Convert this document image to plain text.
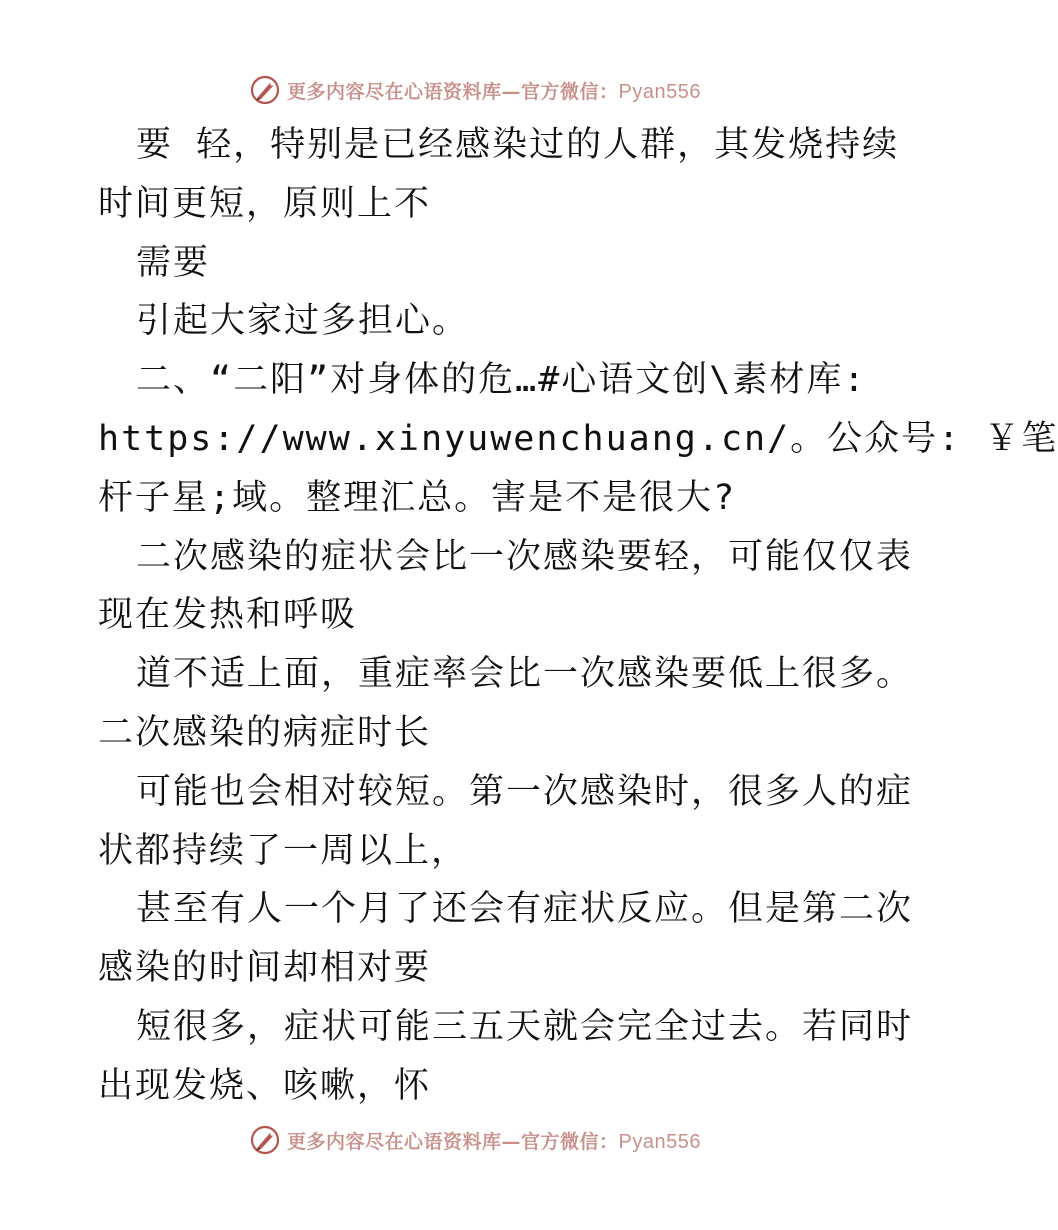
更多内容尽在心语资料库—官方微信：Pyan556
要 轻，特别是已经感染过的人群，其发烧持续
时间更短，原则上不
需要
引起大家过多担心。
二、“二阳”对身体的危…#心语文创\素材库:
https://www.xinyuwenchuang.cn/。公众号: ￥笔
杆子星;域。整理汇总。害是不是很大?
二次感染的症状会比一次感染要轻，可能仅仅表
现在发热和呼吸
道不适上面，重症率会比一次感染要低上很多。
二次感染的病症时长
可能也会相对较短。第一次感染时，很多人的症
状都持续了一周以上，
甚至有人一个月了还会有症状反应。但是第二次
感染的时间却相对要
短很多，症状可能三五天就会完全过去。若同时
出现发烧、咳嗽，怀
更多内容尽在心语资料库—官方微信：Pyan556
